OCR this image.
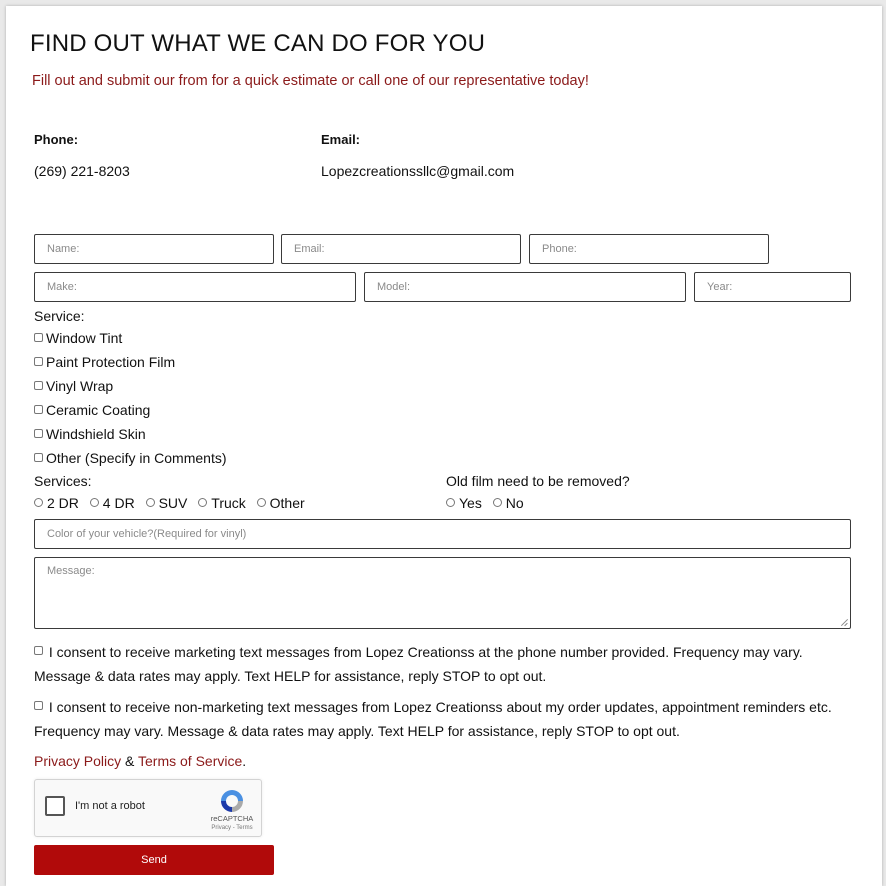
FIND OUT WHAT WE CAN DO FOR YOU
Fill out and submit our from for a quick estimate or call one of our representative today!
Phone:
(269) 221-8203
Email:
Lopezcreationssllc@gmail.com
Name:	Email:	Phone:
Make:	Model:	Year:
Service:
Window Tint
Paint Protection Film
Vinyl Wrap
Ceramic Coating
Windshield Skin
Other (Specify in Comments)
Services:
2 DR 4 DR SUV Truck Other
Old film need to be removed?
Yes No
Color of your vehicle?(Required for vinyl)
Message:
I consent to receive marketing text messages from Lopez Creationss at the phone number provided. Frequency may vary. Message & data rates may apply. Text HELP for assistance, reply STOP to opt out.
I consent to receive non-marketing text messages from Lopez Creationss about my order updates, appointment reminders etc. Frequency may vary. Message & data rates may apply. Text HELP for assistance, reply STOP to opt out.
Privacy Policy & Terms of Service.
I'm not a robot
reCAPTCHA
Privacy - Terms
Send
